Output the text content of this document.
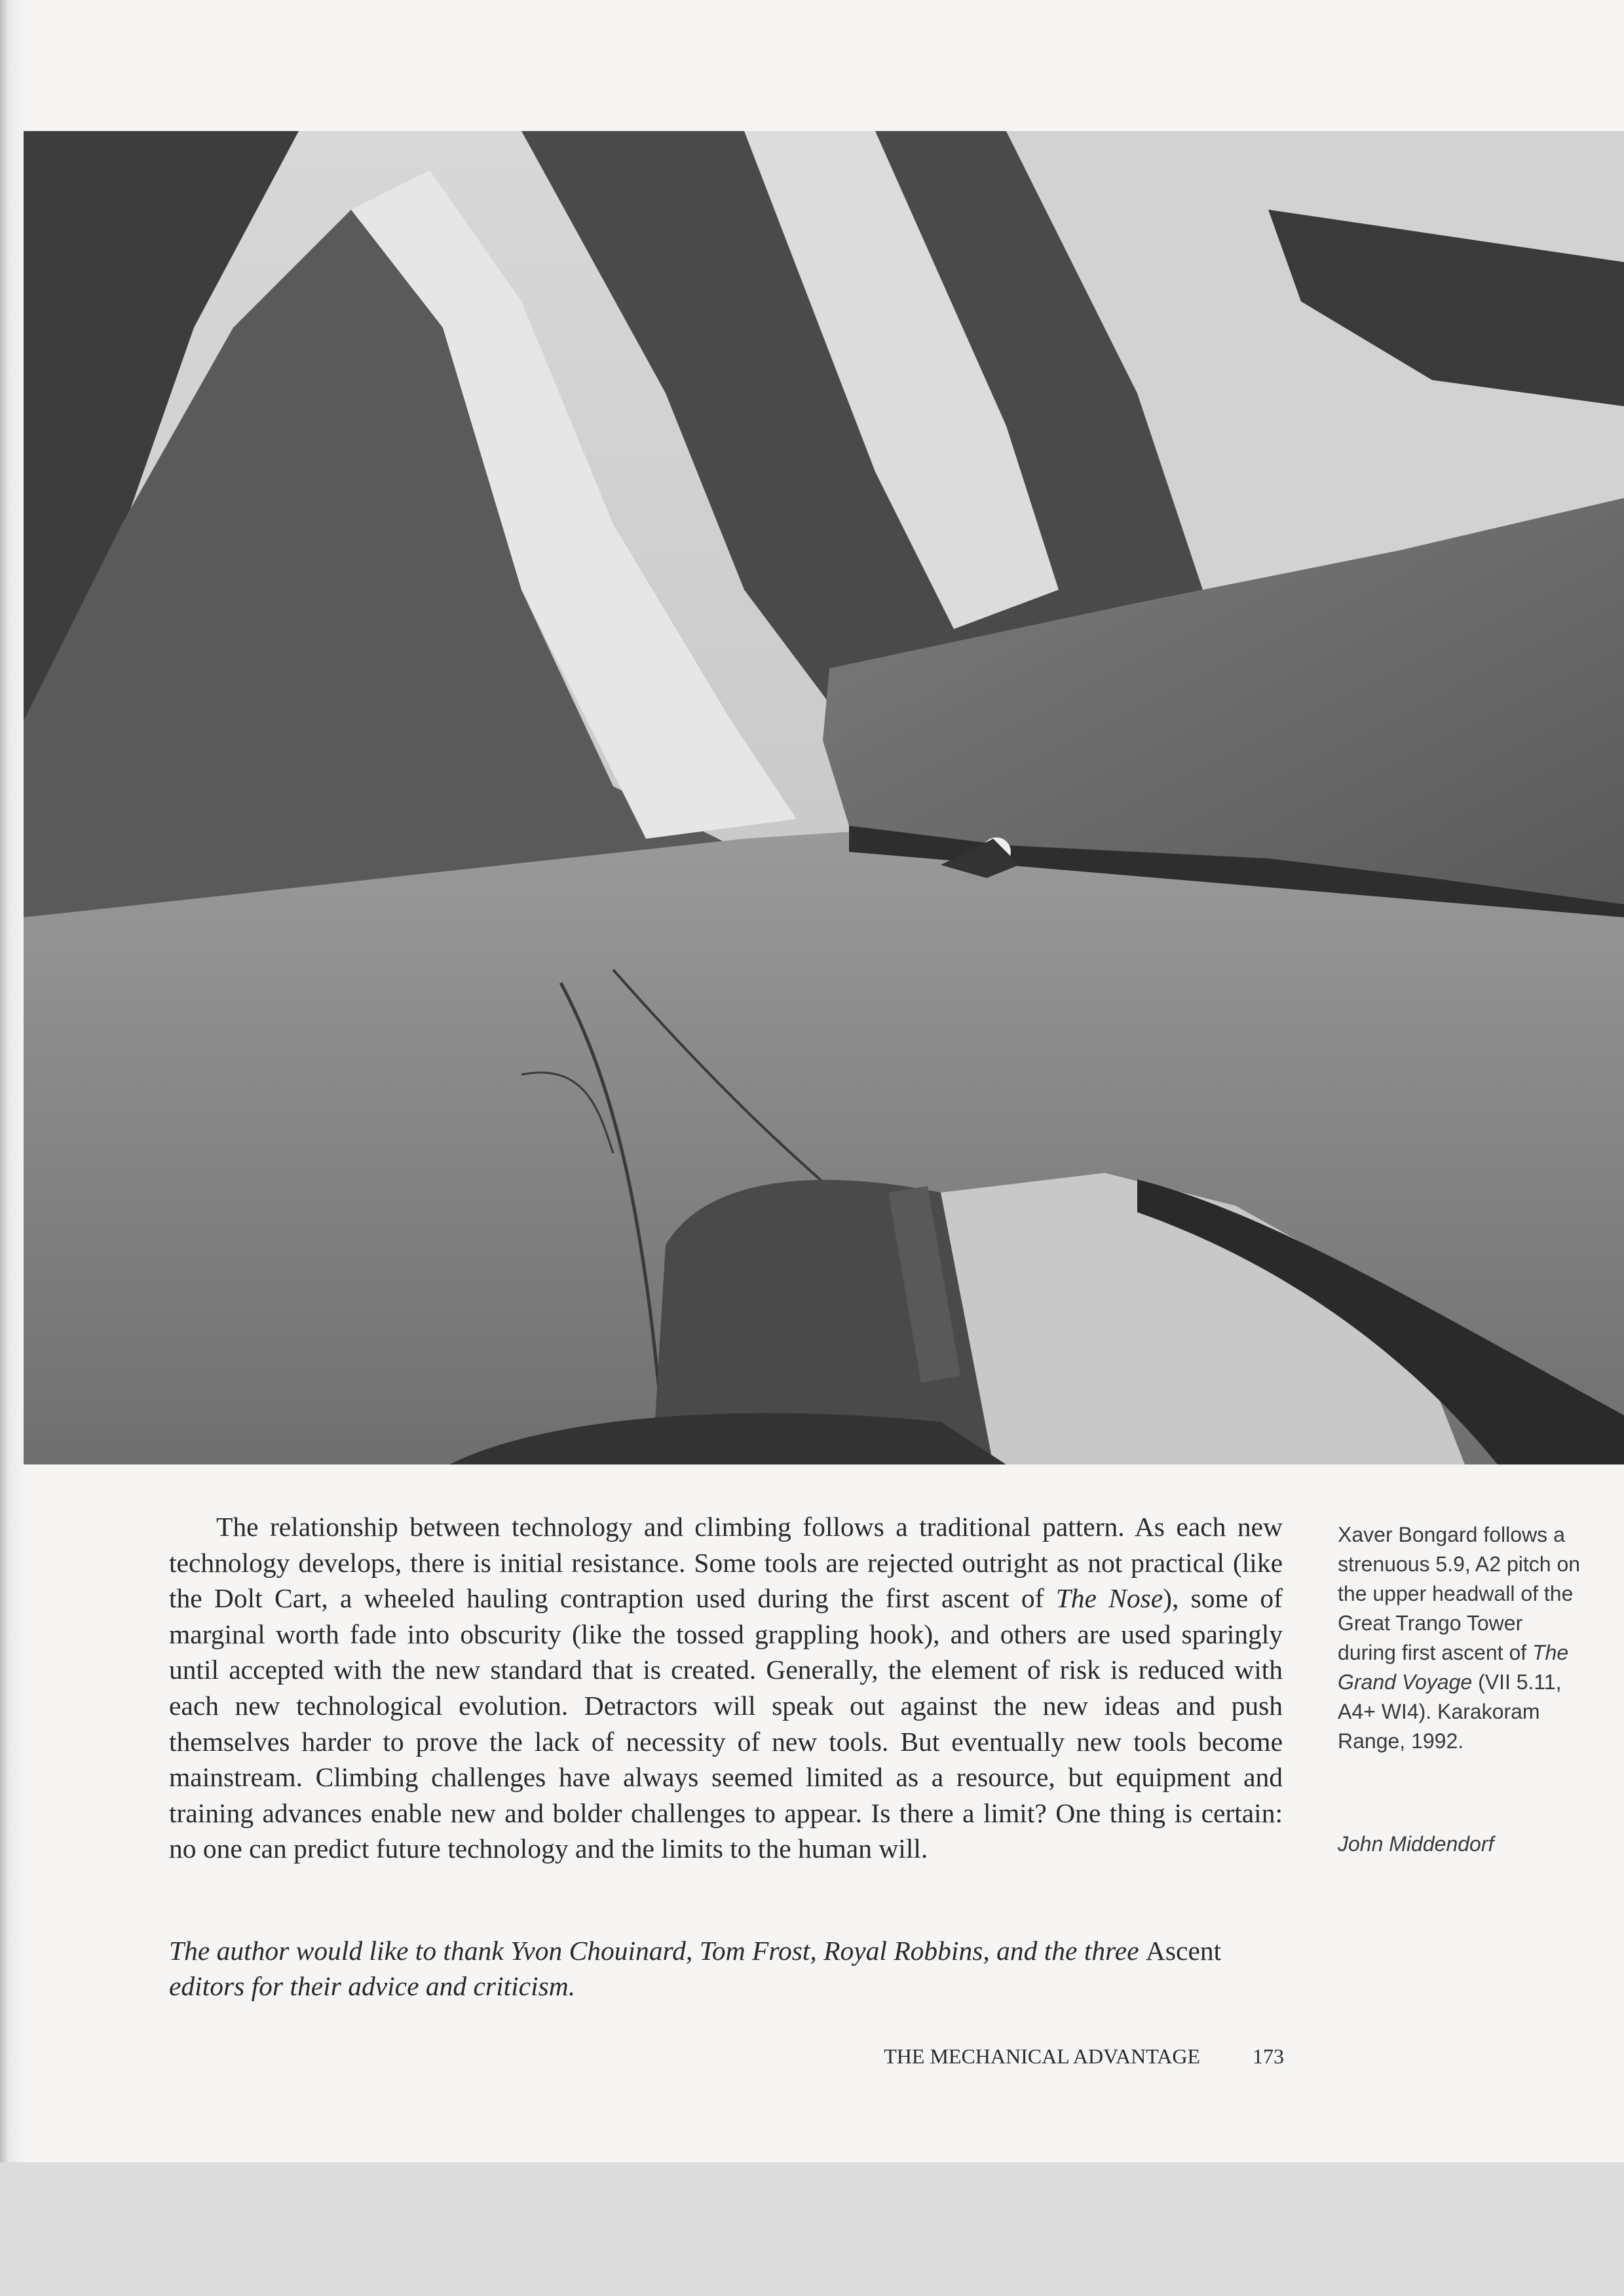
The relationship between technology and climbing follows a traditional pattern. As each new technology develops, there is initial resistance. Some tools are rejected outright as not practical (like the Dolt Cart, a wheeled hauling contraption used during the first ascent of The Nose), some of marginal worth fade into obscurity (like the tossed grappling hook), and others are used sparingly until accepted with the new standard that is created. Generally, the element of risk is reduced with each new technological evolution. Detractors will speak out against the new ideas and push themselves harder to prove the lack of necessity of new tools. But eventually new tools become mainstream. Climbing challenges have always seemed limited as a resource, but equipment and training advances enable new and bolder challenges to appear. Is there a limit? One thing is certain: no one can predict future technology and the limits to the human will.

The author would like to thank Yvon Chouinard, Tom Frost, Royal Robbins, and the three Ascent editors for their advice and criticism.

Xaver Bongard follows a strenuous 5.9, A2 pitch on the upper headwall of the Great Trango Tower during first ascent of The Grand Voyage (VII 5.11, A4+ WI4). Karakoram Range, 1992.

John Middendorf
THE MECHANICAL ADVANTAGE	173
